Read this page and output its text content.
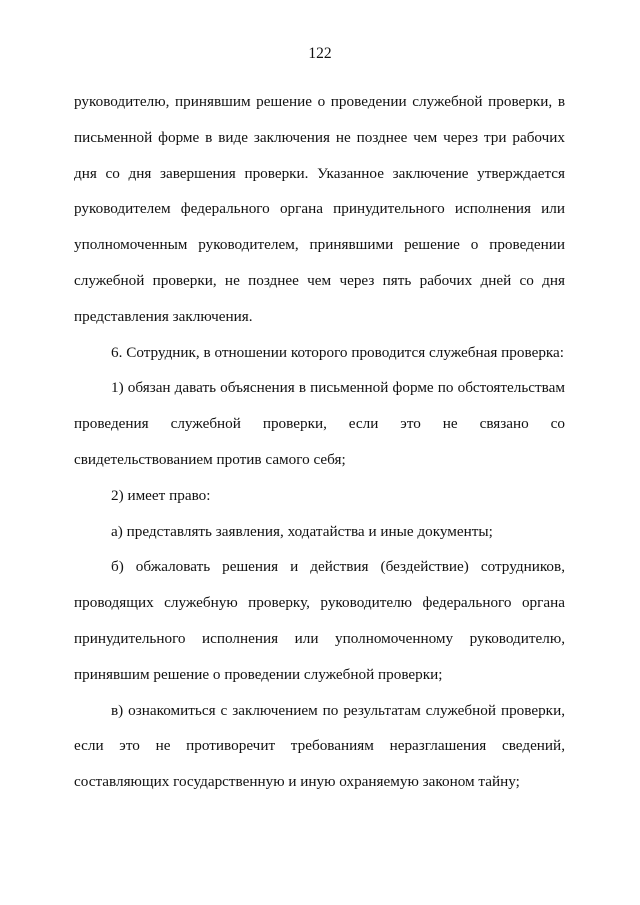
122

руководителю, принявшим решение о проведении служебной проверки, в письменной форме в виде заключения не позднее чем через три рабочих дня со дня завершения проверки. Указанное заключение утверждается руководителем федерального органа принудительного исполнения или уполномоченным руководителем, принявшими решение о проведении служебной проверки, не позднее чем через пять рабочих дней со дня представления заключения.

6. Сотрудник, в отношении которого проводится служебная проверка:

1) обязан давать объяснения в письменной форме по обстоятельствам проведения служебной проверки, если это не связано со свидетельствованием против самого себя;

2) имеет право:

а) представлять заявления, ходатайства и иные документы;

б) обжаловать решения и действия (бездействие) сотрудников, проводящих служебную проверку, руководителю федерального органа принудительного исполнения или уполномоченному руководителю, принявшим решение о проведении служебной проверки;

в) ознакомиться с заключением по результатам служебной проверки, если это не противоречит требованиям неразглашения сведений, составляющих государственную и иную охраняемую законом тайну;
